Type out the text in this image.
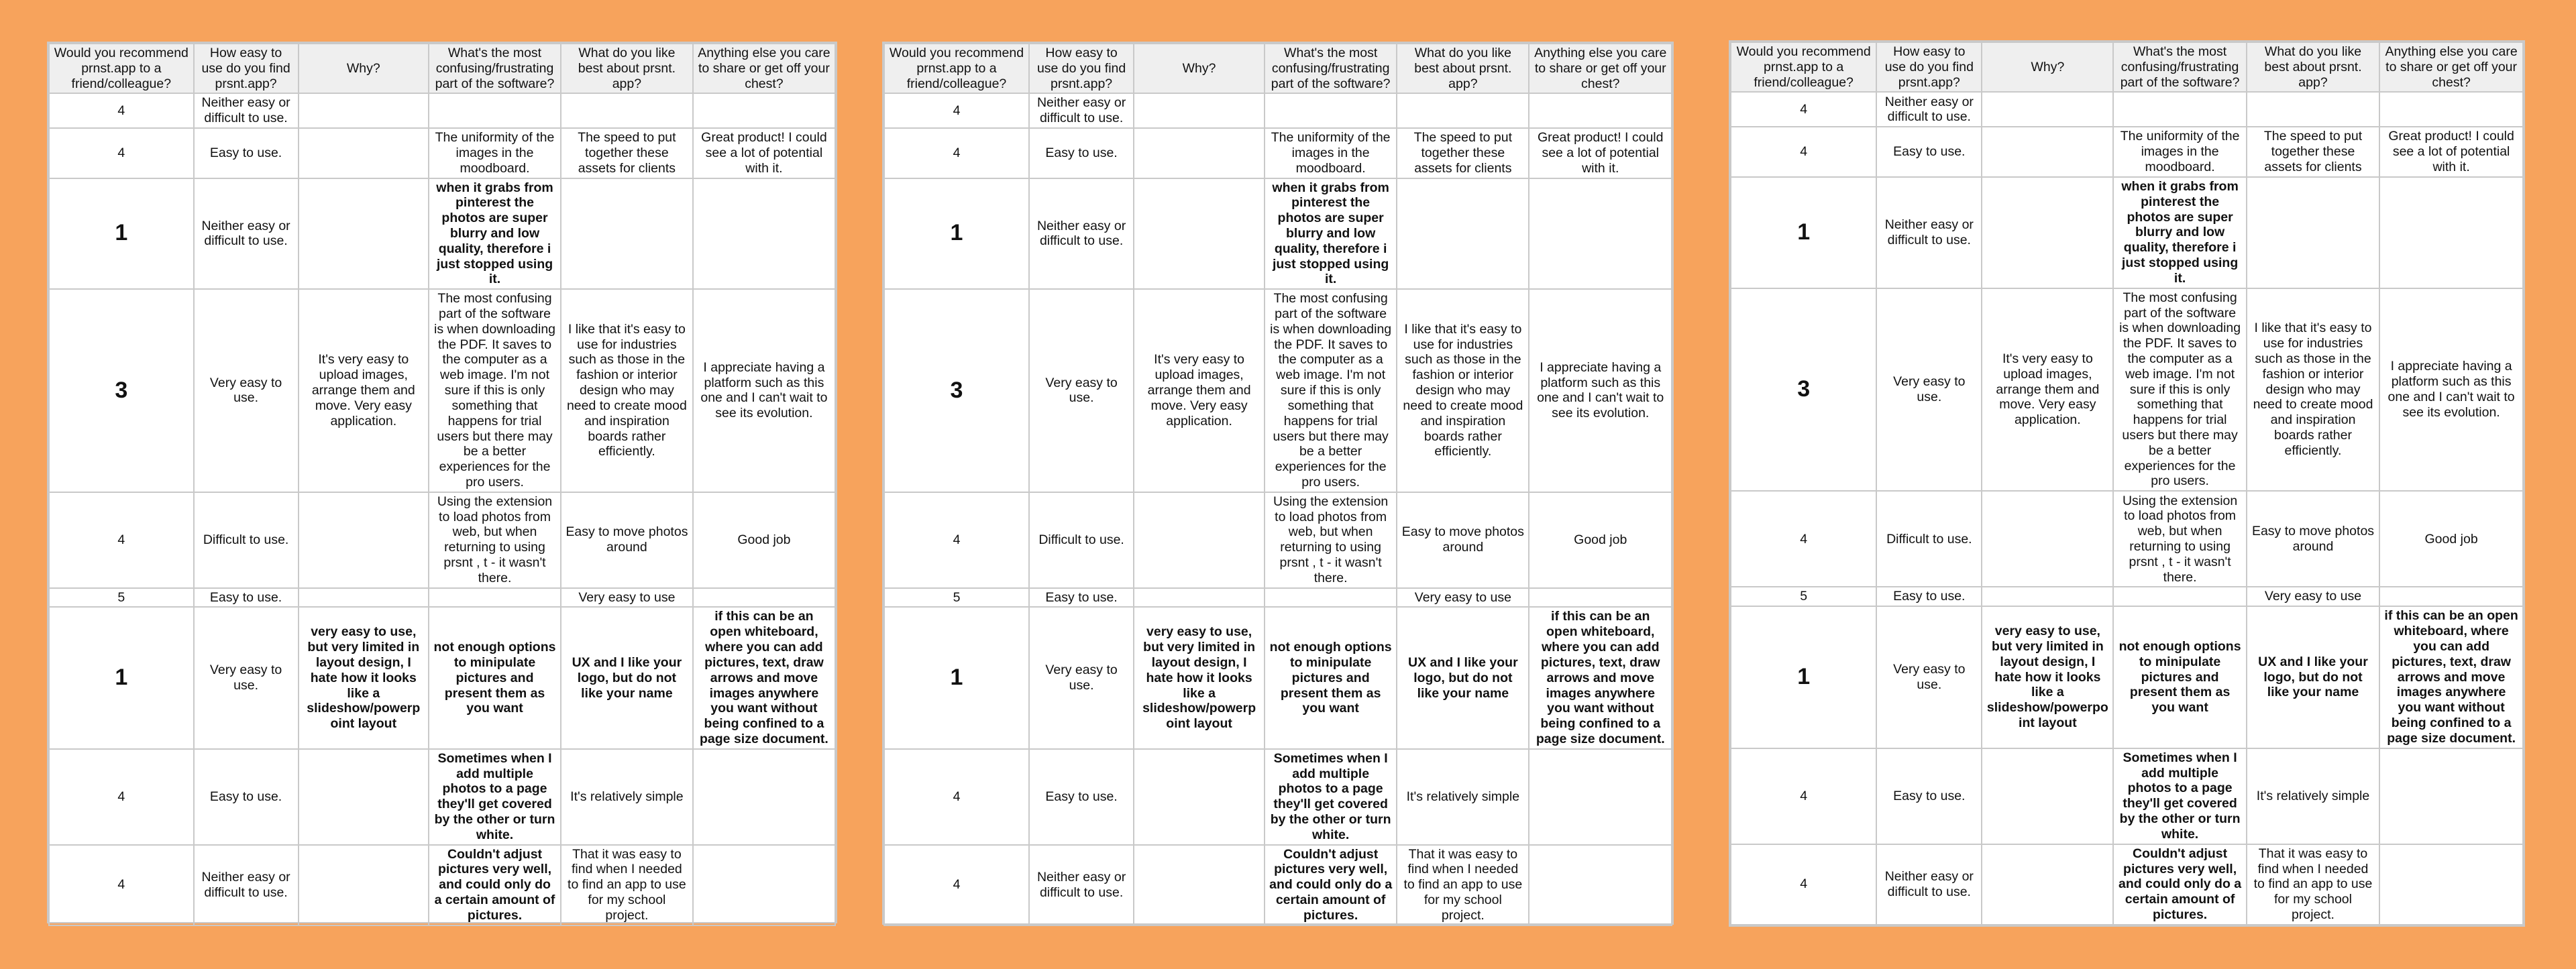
Would you recommend prnst.app to a friend/colleague?	How easy to use do you find prsnt.app?	Why?	What's the most confusing/frustrating part of the software?	What do you like best about prsnt. app?	Anything else you care to share or get off your chest?
4	Neither easy or difficult to use.				
4	Easy to use.		The uniformity of the images in the moodboard.	The speed to put together these assets for clients	Great product! I could see a lot of potential with it.
1	Neither easy or difficult to use.		when it grabs from pinterest the photos are super blurry and low quality, therefore i just stopped using it.		
3	Very easy to use.	It's very easy to upload images, arrange them and move. Very easy application.	The most confusing part of the software is when downloading the PDF. It saves to the computer as a web image. I'm not sure if this is only something that happens for trial users but there may be a better experiences for the pro users.	I like that it's easy to use for industries such as those in the fashion or interior design who may need to create mood and inspiration boards rather efficiently.	I appreciate having a platform such as this one and I can't wait to see its evolution.
4	Difficult to use.		Using the extension to load photos from web, but when returning to using prsnt , t - it wasn't there.	Easy to move photos around	Good job
5	Easy to use.			Very easy to use	
1	Very easy to use.	very easy to use, but very limited in layout design, I hate how it looks like a slideshow/powerpoint layout	not enough options to minipulate pictures and present them as you want	UX and I like your logo, but do not like your name	if this can be an open whiteboard, where you can add pictures, text, draw arrows and move images anywhere you want without being confined to a page size document.
4	Easy to use.		Sometimes when I add multiple photos to a page they'll get covered by the other or turn white.	It's relatively simple	
4	Neither easy or difficult to use.		Couldn't adjust pictures very well, and could only do a certain amount of pictures.	That it was easy to find when I needed to find an app to use for my school project.	
Would you recommend prnst.app to a friend/colleague?	How easy to use do you find prsnt.app?	Why?	What's the most confusing/frustrating part of the software?	What do you like best about prsnt. app?	Anything else you care to share or get off your chest?
4	Neither easy or difficult to use.				
4	Easy to use.		The uniformity of the images in the moodboard.	The speed to put together these assets for clients	Great product! I could see a lot of potential with it.
1	Neither easy or difficult to use.		when it grabs from pinterest the photos are super blurry and low quality, therefore i just stopped using it.		
3	Very easy to use.	It's very easy to upload images, arrange them and move. Very easy application.	The most confusing part of the software is when downloading the PDF. It saves to the computer as a web image. I'm not sure if this is only something that happens for trial users but there may be a better experiences for the pro users.	I like that it's easy to use for industries such as those in the fashion or interior design who may need to create mood and inspiration boards rather efficiently.	I appreciate having a platform such as this one and I can't wait to see its evolution.
4	Difficult to use.		Using the extension to load photos from web, but when returning to using prsnt , t - it wasn't there.	Easy to move photos around	Good job
5	Easy to use.			Very easy to use	
1	Very easy to use.	very easy to use, but very limited in layout design, I hate how it looks like a slideshow/powerpoint layout	not enough options to minipulate pictures and present them as you want	UX and I like your logo, but do not like your name	if this can be an open whiteboard, where you can add pictures, text, draw arrows and move images anywhere you want without being confined to a page size document.
4	Easy to use.		Sometimes when I add multiple photos to a page they'll get covered by the other or turn white.	It's relatively simple	
4	Neither easy or difficult to use.		Couldn't adjust pictures very well, and could only do a certain amount of pictures.	That it was easy to find when I needed to find an app to use for my school project.	
Would you recommend prnst.app to a friend/colleague?	How easy to use do you find prsnt.app?	Why?	What's the most confusing/frustrating part of the software?	What do you like best about prsnt. app?	Anything else you care to share or get off your chest?
4	Neither easy or difficult to use.				
4	Easy to use.		The uniformity of the images in the moodboard.	The speed to put together these assets for clients	Great product! I could see a lot of potential with it.
1	Neither easy or difficult to use.		when it grabs from pinterest the photos are super blurry and low quality, therefore i just stopped using it.		
3	Very easy to use.	It's very easy to upload images, arrange them and move. Very easy application.	The most confusing part of the software is when downloading the PDF. It saves to the computer as a web image. I'm not sure if this is only something that happens for trial users but there may be a better experiences for the pro users.	I like that it's easy to use for industries such as those in the fashion or interior design who may need to create mood and inspiration boards rather efficiently.	I appreciate having a platform such as this one and I can't wait to see its evolution.
4	Difficult to use.		Using the extension to load photos from web, but when returning to using prsnt , t - it wasn't there.	Easy to move photos around	Good job
5	Easy to use.			Very easy to use	
1	Very easy to use.	very easy to use, but very limited in layout design, I hate how it looks like a slideshow/powerpoint layout	not enough options to minipulate pictures and present them as you want	UX and I like your logo, but do not like your name	if this can be an open whiteboard, where you can add pictures, text, draw arrows and move images anywhere you want without being confined to a page size document.
4	Easy to use.		Sometimes when I add multiple photos to a page they'll get covered by the other or turn white.	It's relatively simple	
4	Neither easy or difficult to use.		Couldn't adjust pictures very well, and could only do a certain amount of pictures.	That it was easy to find when I needed to find an app to use for my school project.	
